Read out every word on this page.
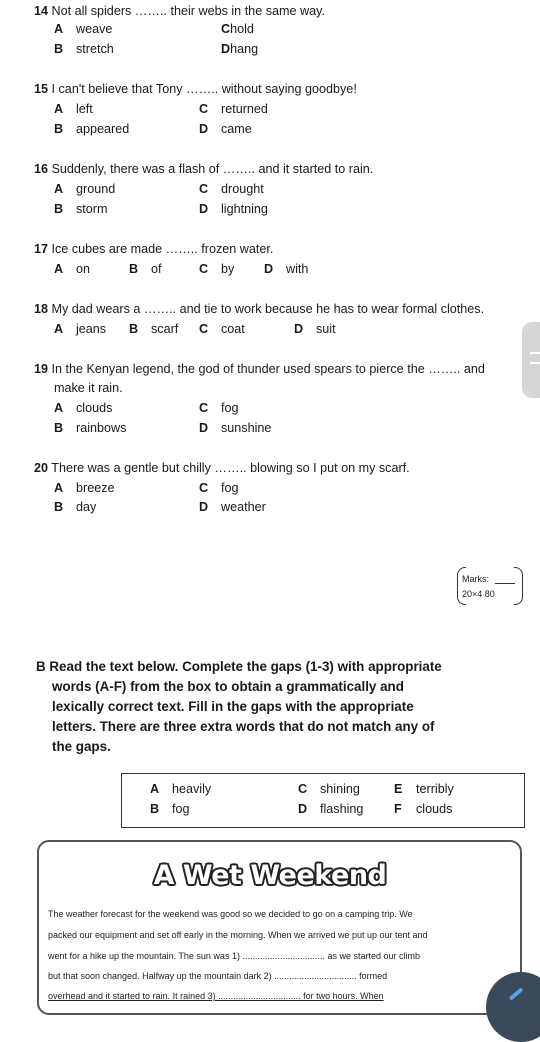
14 Not all spiders …….. their webs in the same way.
A weave	Chold
B stretch	Dhang
15 I can't believe that Tony …….. without saying goodbye!
A left	C returned
B appeared	D came
16 Suddenly, there was a flash of …….. and it started to rain.
A ground	C drought
B storm	D lightning
17 Ice cubes are made …….. frozen water.
A on	B of	C by D with
18 My dad wears a …….. and tie to work because he has to wear formal clothes.
A jeans B scarf C coat	D suit
19 In the Kenyan legend, the god of thunder used spears to pierce the …….. and
make it rain.
A clouds	C fog
B rainbows	D sunshine
20 There was a gentle but chilly …….. blowing so I put on my scarf.
A breeze	C fog
B day	D weather
Marks:
20×4 80
B Read the text below. Complete the gaps (1-3) with appropriate
words (A-F) from the box to obtain a grammatically and
lexically correct text. Fill in the gaps with the appropriate
letters. There are three extra words that do not match any of
the gaps.
A heavily	C shining	E terribly
B fog	D flashing F clouds
A Wet Weekend
The weather forecast for the weekend was good so we decided to go on a camping trip. We
packed our equipment and set off early in the morning. When we arrived we put up our tent and
went for a hike up the mountain. The sun was 1) ................................. as we started our climb
but that soon changed. Halfway up the mountain dark 2) ................................. formed
overhead and it started to rain. It rained 3) ................................. for two hours. When
